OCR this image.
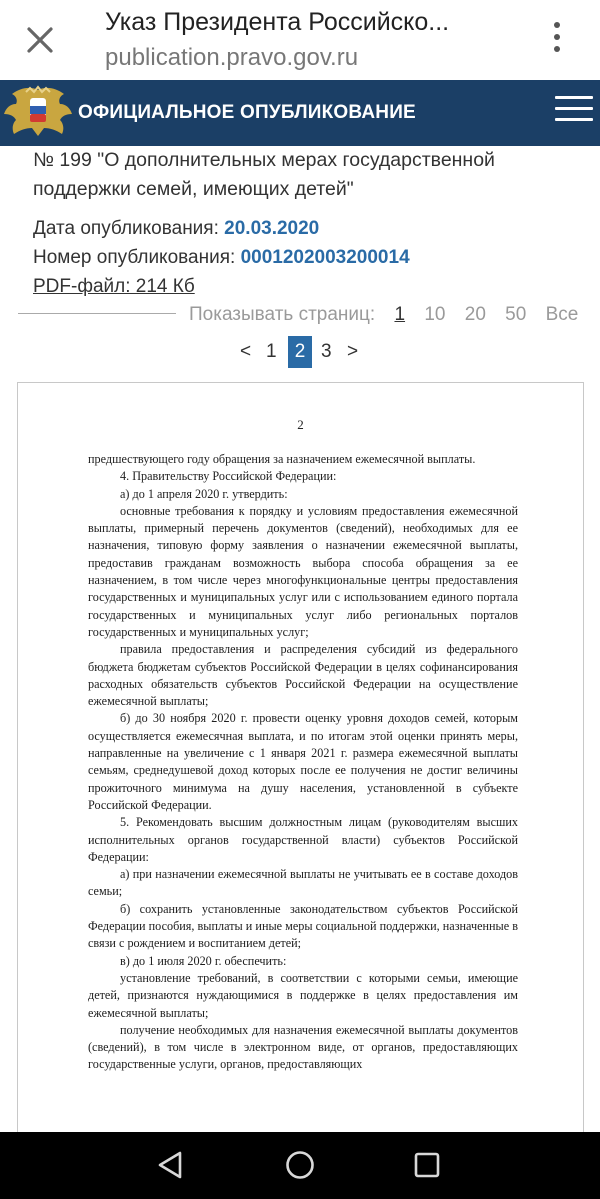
Указ Президента Российско...
publication.pravo.gov.ru
ОФИЦИАЛЬНОЕ ОПУБЛИКОВАНИЕ
№ 199 "О дополнительных мерах государственной поддержки семей, имеющих детей"
Дата опубликования: 20.03.2020
Номер опубликования: 0001202003200014
PDF-файл: 214 Кб
Показывать страниц: 1 10 20 50 Все
< 1 2 3 >
2

предшествующего году обращения за назначением ежемесячной выплаты.

4. Правительству Российской Федерации:

а) до 1 апреля 2020 г. утвердить:

основные требования к порядку и условиям предоставления ежемесячной выплаты, примерный перечень документов (сведений), необходимых для ее назначения, типовую форму заявления о назначении ежемесячной выплаты, предоставив гражданам возможность выбора способа обращения за ее назначением, в том числе через многофункциональные центры предоставления государственных и муниципальных услуг или с использованием единого портала государственных и муниципальных услуг либо региональных порталов государственных и муниципальных услуг;

правила предоставления и распределения субсидий из федерального бюджета бюджетам субъектов Российской Федерации в целях софинансирования расходных обязательств субъектов Российской Федерации на осуществление ежемесячной выплаты;

б) до 30 ноября 2020 г. провести оценку уровня доходов семей, которым осуществляется ежемесячная выплата, и по итогам этой оценки принять меры, направленные на увеличение с 1 января 2021 г. размера ежемесячной выплаты семьям, среднедушевой доход которых после ее получения не достиг величины прожиточного минимума на душу населения, установленной в субъекте Российской Федерации.

5. Рекомендовать высшим должностным лицам (руководителям высших исполнительных органов государственной власти) субъектов Российской Федерации:

а) при назначении ежемесячной выплаты не учитывать ее в составе доходов семьи;

б) сохранить установленные законодательством субъектов Российской Федерации пособия, выплаты и иные меры социальной поддержки, назначенные в связи с рождением и воспитанием детей;

в) до 1 июля 2020 г. обеспечить:

установление требований, в соответствии с которыми семьи, имеющие детей, признаются нуждающимися в поддержке в целях предоставления им ежемесячной выплаты;

получение необходимых для назначения ежемесячной выплаты документов (сведений), в том числе в электронном виде, от органов, предоставляющих государственные услуги, органов, предоставляющих
